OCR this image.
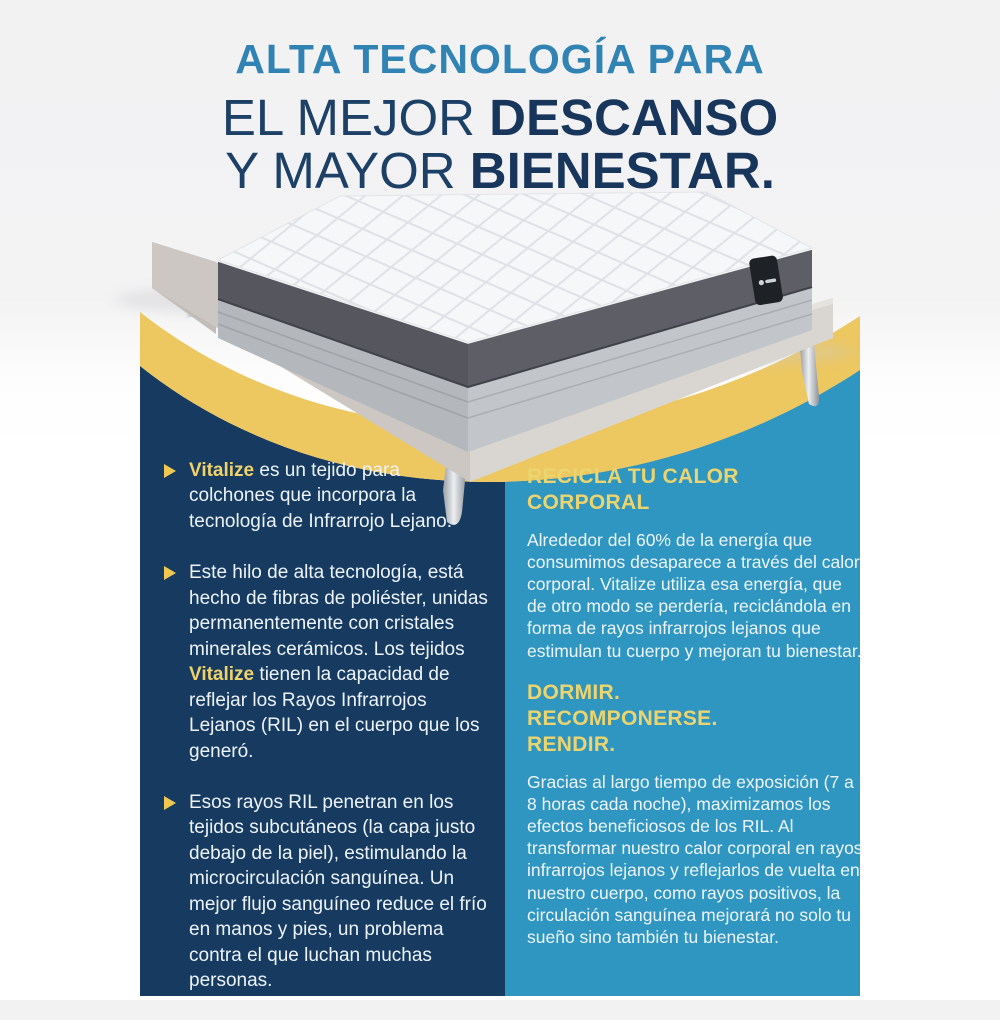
ALTA TECNOLOGÍA PARA
EL MEJOR DESCANSO
Y MAYOR BIENESTAR.

Vitalize es un tejido para colchones que incorpora la tecnología de Infrarrojo Lejano.

Este hilo de alta tecnología, está hecho de fibras de poliéster, unidas permanentemente con cristales minerales cerámicos. Los tejidos Vitalize tienen la capacidad de reflejar los Rayos Infrarrojos Lejanos (RIL) en el cuerpo que los generó.

Esos rayos RIL penetran en los tejidos subcutáneos (la capa justo debajo de la piel), estimulando la microcirculación sanguínea. Un mejor flujo sanguíneo reduce el frío en manos y pies, un problema contra el que luchan muchas personas.

RECICLA TU CALOR CORPORAL

Alrededor del 60% de la energía que consumimos desaparece a través del calor corporal. Vitalize utiliza esa energía, que de otro modo se perdería, reciclándola en forma de rayos infrarrojos lejanos que estimulan tu cuerpo y mejoran tu bienestar.

DORMIR.
RECOMPONERSE.
RENDIR.

Gracias al largo tiempo de exposición (7 a 8 horas cada noche), maximizamos los efectos beneficiosos de los RIL. Al transformar nuestro calor corporal en rayos infrarrojos lejanos y reflejarlos de vuelta en nuestro cuerpo, como rayos positivos, la circulación sanguínea mejorará no solo tu sueño sino también tu bienestar.
